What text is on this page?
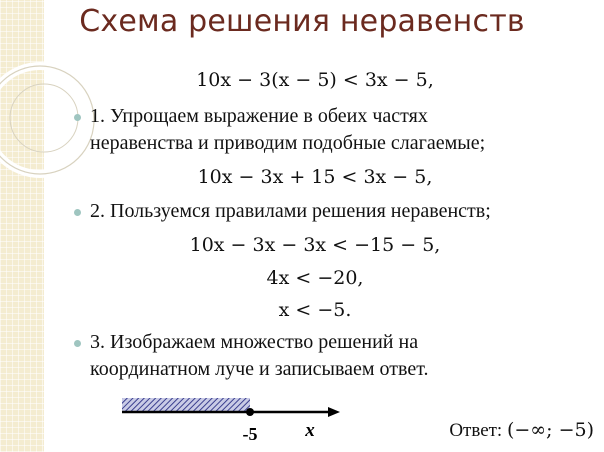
Схема решения неравенств
10x − 3(x − 5) < 3x − 5,
1. Упрощаем выражение в обеих частях
неравенства и приводим подобные слагаемые;
10x − 3x + 15 < 3x − 5,
2. Пользуемся правилами решения неравенств;
10x − 3x − 3x < −15 − 5,
4x < −20,
x < −5.
3. Изображаем множество решений на
координатном луче и записываем ответ.
-5	x	Ответ: (−∞; −5)
